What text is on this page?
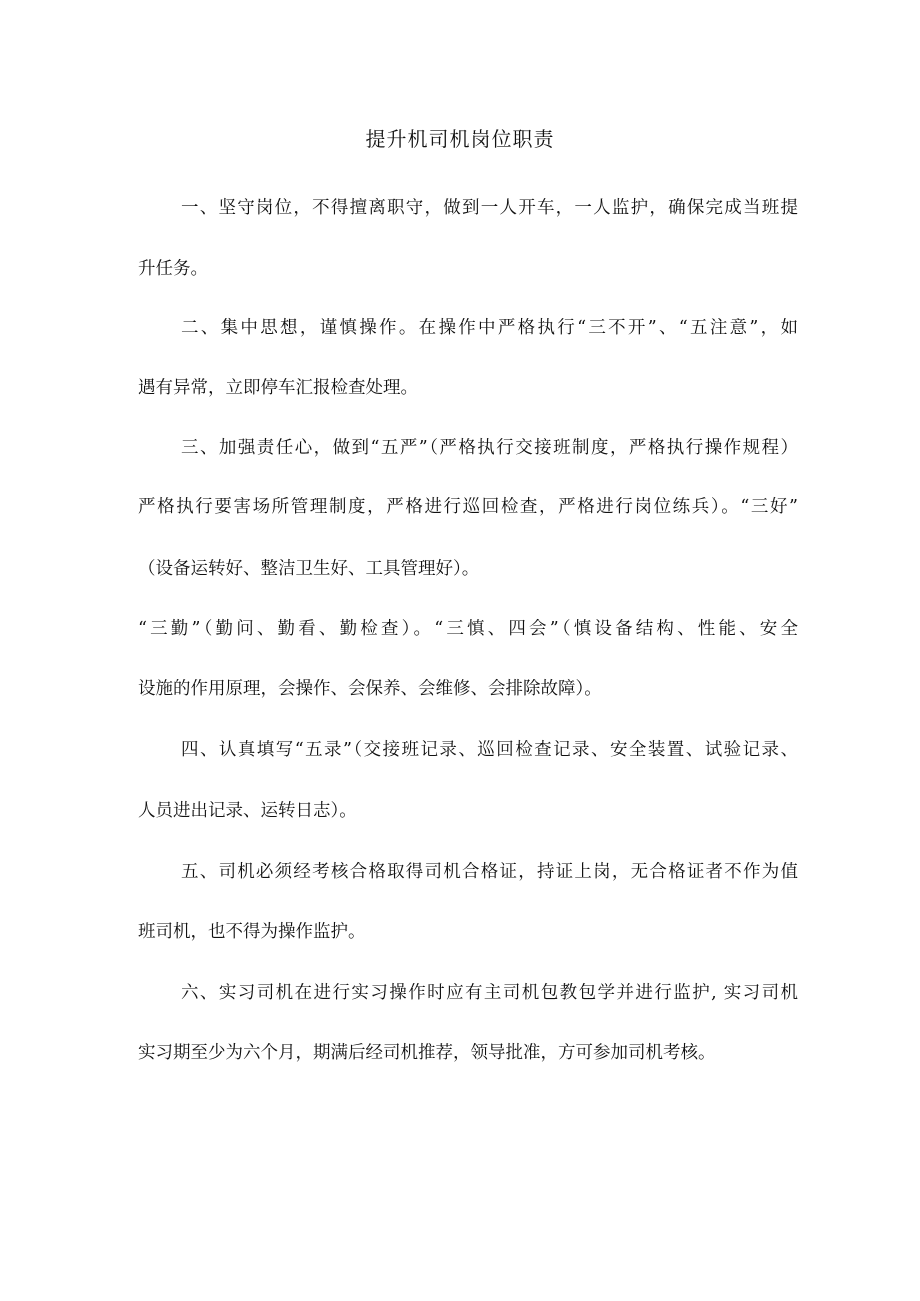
提升机司机岗位职责

一、坚守岗位，不得擅离职守，做到一人开车，一人监护，确保完成当班提

升任务。

二、集中思想，谨慎操作。在操作中严格执行“三不开”、“五注意”，如

遇有异常，立即停车汇报检查处理。

三、加强责任心，做到“五严”（严格执行交接班制度，严格执行操作规程）

严格执行要害场所管理制度，严格进行巡回检查，严格进行岗位练兵）。“三好”

（设备运转好、整洁卫生好、工具管理好）。

“三勤”（勤问、勤看、勤检查）。“三慎、四会”（慎设备结构、性能、安全

设施的作用原理，会操作、会保养、会维修、会排除故障）。

四、认真填写“五录”（交接班记录、巡回检查记录、安全装置、试验记录、

人员进出记录、运转日志）。

五、司机必须经考核合格取得司机合格证，持证上岗，无合格证者不作为值

班司机，也不得为操作监护。

六、实习司机在进行实习操作时应有主司机包教包学并进行监护, 实习司机

实习期至少为六个月，期满后经司机推荐，领导批准，方可参加司机考核。
